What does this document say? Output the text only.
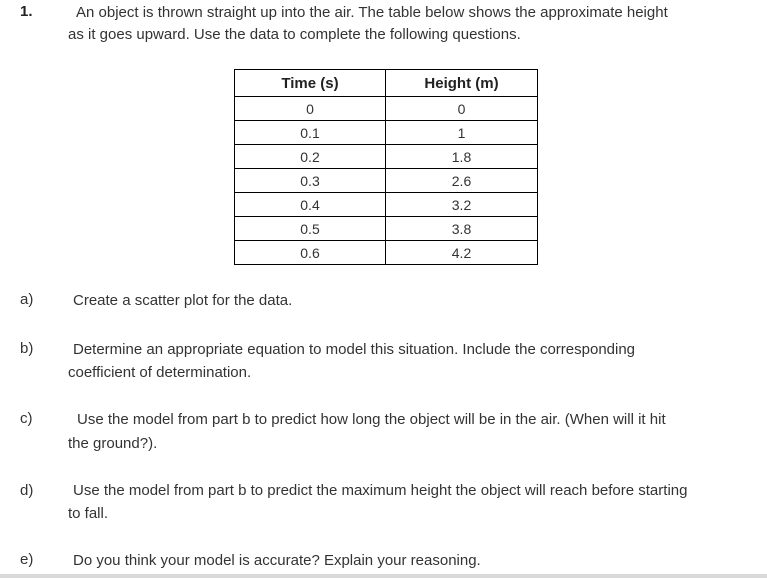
1.	An object is thrown straight up into the air. The table below shows the approximate height
as it goes upward. Use the data to complete the following questions.
Time (s)	Height (m)
0	0
0.1	1
0.2	1.8
0.3	2.6
0.4	3.2
0.5	3.8
0.6	4.2
a)	Create a scatter plot for the data.
b)	Determine an appropriate equation to model this situation. Include the corresponding
coefficient of determination.
c)	Use the model from part b to predict how long the object will be in the air. (When will it hit
the ground?).
d)	Use the model from part b to predict the maximum height the object will reach before starting
to fall.
e)	Do you think your model is accurate? Explain your reasoning.
